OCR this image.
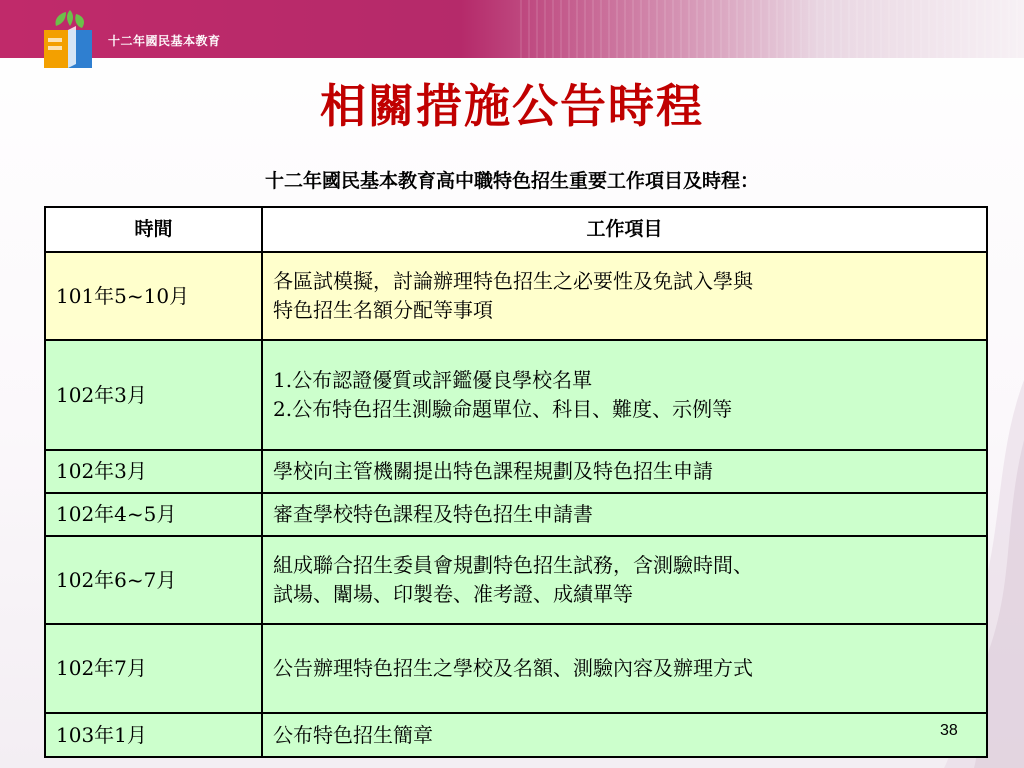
十二年國民基本教育
相關措施公告時程
十二年國民基本教育高中職特色招生重要工作項目及時程：
時間	工作項目
101年5~10月	各區試模擬，討論辦理特色招生之必要性及免試入學與
特色招生名額分配等事項

102年3月	1.公布認證優質或評鑑優良學校名單
2.公布特色招生測驗命題單位、科目、難度、示例等

102年3月	學校向主管機關提出特色課程規劃及特色招生申請

102年4~5月	審查學校特色課程及特色招生申請書

102年6~7月	組成聯合招生委員會規劃特色招生試務，含測驗時間、
試場、闈場、印製卷、准考證、成績單等

102年7月	公告辦理特色招生之學校及名額、測驗內容及辦理方式

103年1月	公布特色招生簡章	38
